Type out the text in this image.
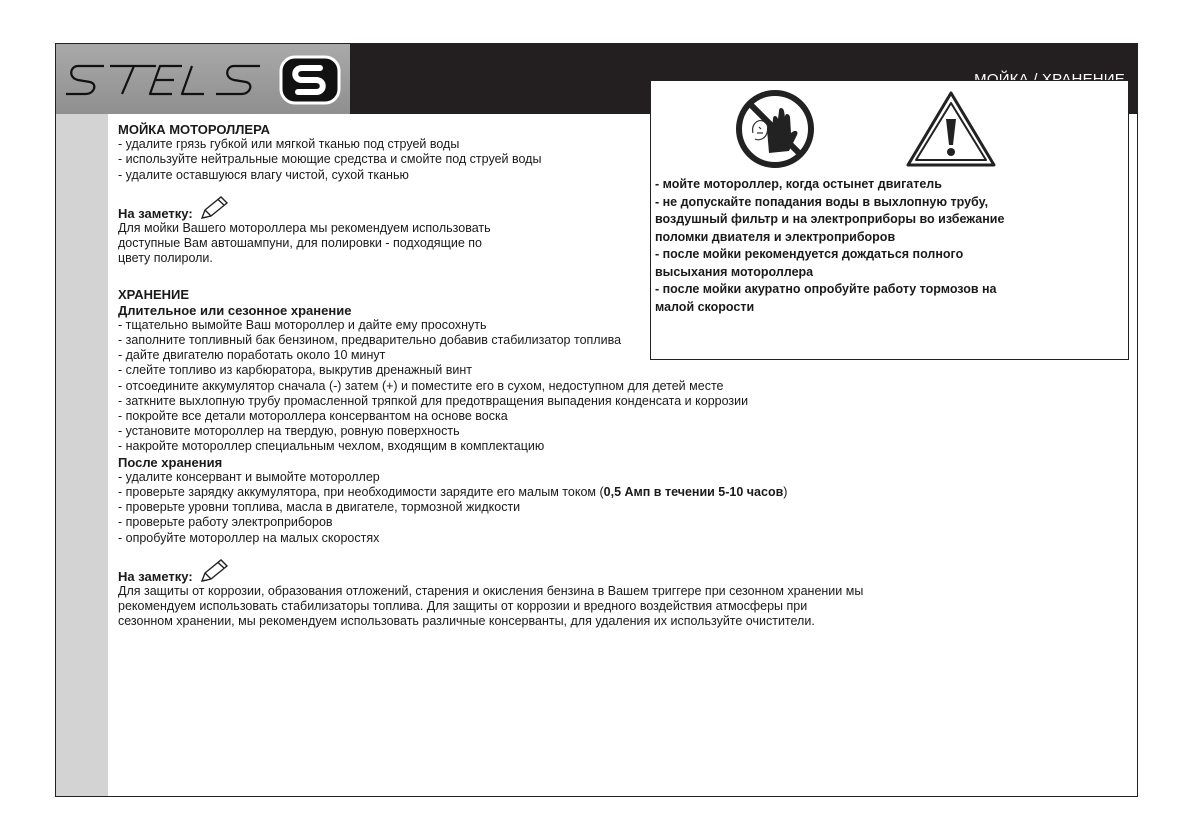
МОЙКА МОТОРОЛЛЕРА

- удалите грязь губкой или мягкой тканью под струей воды

- используйте нейтральные моющие средства и смойте под струей воды

- удалите оставшуюся влагу чистой, сухой тканью

На заметку:

Для мойки Вашего мотороллера мы рекомендуем использовать

доступные Вам автошампуни, для полировки - подходящие по

цвету полироли.

ХРАНЕНИЕ

Длительное или сезонное хранение

- тщательно вымойте Ваш мотороллер и дайте ему просохнуть

- заполните топливный бак бензином, предварительно добавив стабилизатор топлива

- дайте двигателю поработать около 10 минут

- слейте топливо из карбюратора, выкрутив дренажный винт

- отсоедините аккумулятор сначала (-) затем (+) и поместите его в сухом, недоступном для детей месте

- заткните выхлопную трубу промасленной тряпкой для предотвращения выпадения конденсата и коррозии

- покройте все детали мотороллера консервантом на основе воска

- установите мотороллер на твердую, ровную поверхность

- накройте мотороллер специальным чехлом, входящим в комплектацию

После хранения

- удалите консервант и вымойте мотороллер

- проверьте зарядку аккумулятора, при необходимости зарядите его малым током (0,5 Амп в течении 5-10 часов)

- проверьте уровни топлива, масла в двигателе, тормозной жидкости

- проверьте работу электроприборов

- опробуйте мотороллер на малых скоростях

На заметку:

Для защиты от коррозии, образования отложений, старения и окисления бензина в Вашем триггере при сезонном хранении мы

рекомендуем использовать стабилизаторы топлива. Для защиты от коррозии и вредного воздействия атмосферы при

сезонном хранении, мы рекомендуем использовать различные консерванты, для удаления их используйте очистители.

- мойте мотороллер, когда остынет двигатель

- не допускайте попадания воды в выхлопную трубу,

воздушный фильтр и на электроприборы во избежание

поломки двиателя и электроприборов

- после мойки рекомендуется дождаться полного

высыхания мотороллера

- после мойки акуратно опробуйте работу тормозов на

малой скорости
